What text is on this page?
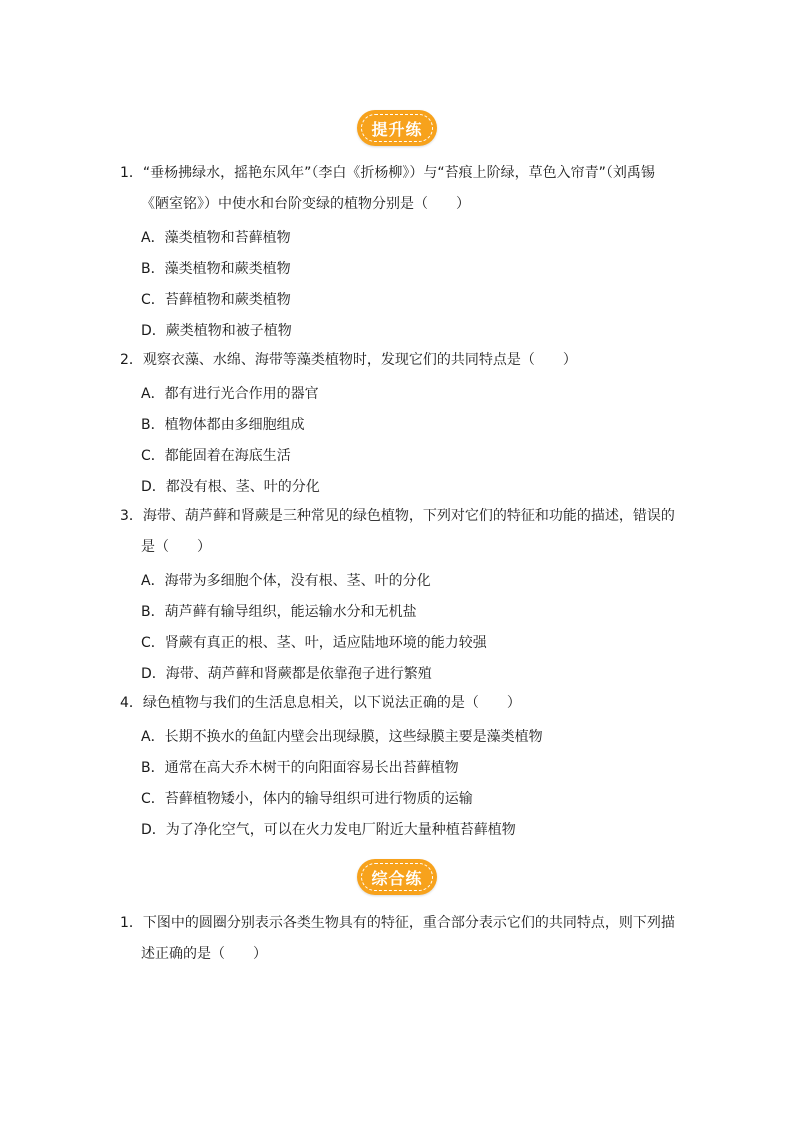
提升练

1．“垂杨拂绿水，摇艳东风年”（李白《折杨柳》）与“苔痕上阶绿，草色入帘青”（刘禹锡
《陋室铭》）中使水和台阶变绿的植物分别是（　　）

A．藻类植物和苔藓植物
B．藻类植物和蕨类植物
C．苔藓植物和蕨类植物
D．蕨类植物和被子植物

2．观察衣藻、水绵、海带等藻类植物时，发现它们的共同特点是（　　）

A．都有进行光合作用的器官
B．植物体都由多细胞组成
C．都能固着在海底生活
D．都没有根、茎、叶的分化

3．海带、葫芦藓和肾蕨是三种常见的绿色植物，下列对它们的特征和功能的描述，错误的
是（　　）

A．海带为多细胞个体，没有根、茎、叶的分化
B．葫芦藓有输导组织，能运输水分和无机盐
C．肾蕨有真正的根、茎、叶，适应陆地环境的能力较强
D．海带、葫芦藓和肾蕨都是依靠孢子进行繁殖

4．绿色植物与我们的生活息息相关，以下说法正确的是（　　）

A．长期不换水的鱼缸内壁会出现绿膜，这些绿膜主要是藻类植物
B．通常在高大乔木树干的向阳面容易长出苔藓植物
C．苔藓植物矮小，体内的输导组织可进行物质的运输
D．为了净化空气，可以在火力发电厂附近大量种植苔藓植物
综合练

1．下图中的圆圈分别表示各类生物具有的特征，重合部分表示它们的共同特点，则下列描
述正确的是（　　）
